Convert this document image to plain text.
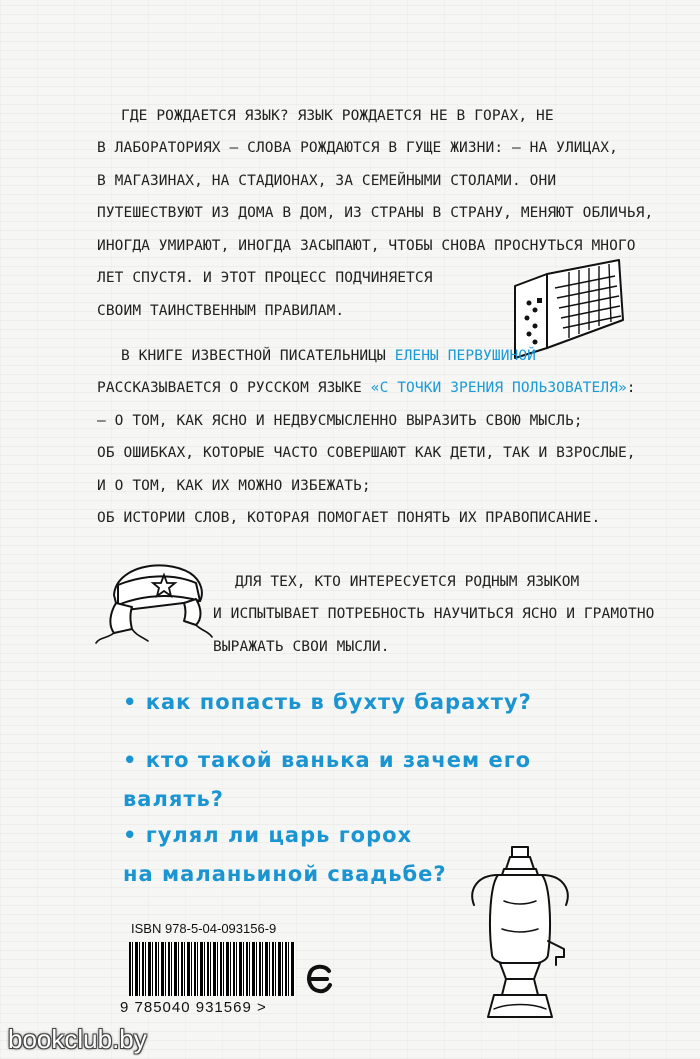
ГДЕ РОЖДАЕТСЯ ЯЗЫК? ЯЗЫК РОЖДАЕТСЯ НЕ В ГОРАХ, НЕ
В ЛАБОРАТОРИЯХ – СЛОВА РОЖДАЮТСЯ В ГУЩЕ ЖИЗНИ: – НА УЛИЦАХ,
В МАГАЗИНАХ, НА СТАДИОНАХ, ЗА СЕМЕЙНЫМИ СТОЛАМИ. ОНИ
ПУТЕШЕСТВУЮТ ИЗ ДОМА В ДОМ, ИЗ СТРАНЫ В СТРАНУ, МЕНЯЮТ ОБЛИЧЬЯ,
ИНОГДА УМИРАЮТ, ИНОГДА ЗАСЫПАЮТ, ЧТОБЫ СНОВА ПРОСНУТЬСЯ МНОГО
ЛЕТ СПУСТЯ. И ЭТОТ ПРОЦЕСС ПОДЧИНЯЕТСЯ
СВОИМ ТАИНСТВЕННЫМ ПРАВИЛАМ.
В КНИГЕ ИЗВЕСТНОЙ ПИСАТЕЛЬНИЦЫ ЕЛЕНЫ ПЕРВУШИНОЙ
РАССКАЗЫВАЕТСЯ О РУССКОМ ЯЗЫКЕ «С ТОЧКИ ЗРЕНИЯ ПОЛЬЗОВАТЕЛЯ»:
– О ТОМ, КАК ЯСНО И НЕДВУСМЫСЛЕННО ВЫРАЗИТЬ СВОЮ МЫСЛЬ;
ОБ ОШИБКАХ, КОТОРЫЕ ЧАСТО СОВЕРШАЮТ КАК ДЕТИ, ТАК И ВЗРОСЛЫЕ,
И О ТОМ, КАК ИХ МОЖНО ИЗБЕЖАТЬ;
ОБ ИСТОРИИ СЛОВ, КОТОРАЯ ПОМОГАЕТ ПОНЯТЬ ИХ ПРАВОПИСАНИЕ.
ДЛЯ ТЕХ, КТО ИНТЕРЕСУЕТСЯ РОДНЫМ ЯЗЫКОМ
И ИСПЫТЫВАЕТ ПОТРЕБНОСТЬ НАУЧИТЬСЯ ЯСНО И ГРАМОТНО
ВЫРАЖАТЬ СВОИ МЫСЛИ.
• как попасть в бухту барахту?
• кто такой ванька и зачем его
валять?
• гулял ли царь горох
на маланьиной свадьбе?
ISBN 978-5-04-093156-9
9 785040 931569 >
bookclub.by
